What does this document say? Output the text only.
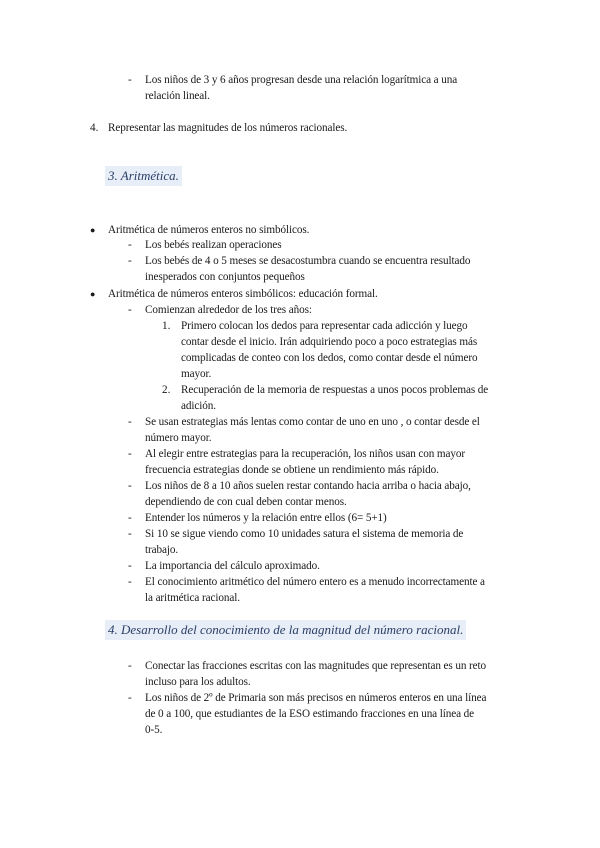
- Los niños de 3 y 6 años progresan desde una relación logarítmica a una
relación lineal.
4. Representar las magnitudes de los números racionales.
3. Aritmética.
● Aritmética de números enteros no simbólicos.
- Los bebés realizan operaciones
- Los bebés de 4 o 5 meses se desacostumbra cuando se encuentra resultado
inesperados con conjuntos pequeños
● Aritmética de números enteros simbólicos: educación formal.
- Comienzan alrededor de los tres años:
1. Primero colocan los dedos para representar cada adicción y luego
contar desde el inicio. Irán adquiriendo poco a poco estrategias más
complicadas de conteo con los dedos, como contar desde el número
mayor.
2. Recuperación de la memoria de respuestas a unos pocos problemas de
adición.
- Se usan estrategias más lentas como contar de uno en uno , o contar desde el
número mayor.
- Al elegir entre estrategias para la recuperación, los niños usan con mayor
frecuencia estrategias donde se obtiene un rendimiento más rápido.
- Los niños de 8 a 10 años suelen restar contando hacia arriba o hacia abajo,
dependiendo de con cual deben contar menos.
- Entender los números y la relación entre ellos (6= 5+1)
- Si 10 se sigue viendo como 10 unidades satura el sistema de memoria de
trabajo.
- La importancia del cálculo aproximado.
- El conocimiento aritmético del número entero es a menudo incorrectamente a
la aritmética racional.
4. Desarrollo del conocimiento de la magnitud del número racional.
- Conectar las fracciones escritas con las magnitudes que representan es un reto
incluso para los adultos.
- Los niños de 2º de Primaria son más precisos en números enteros en una línea
de 0 a 100, que estudiantes de la ESO estimando fracciones en una línea de
0-5.
